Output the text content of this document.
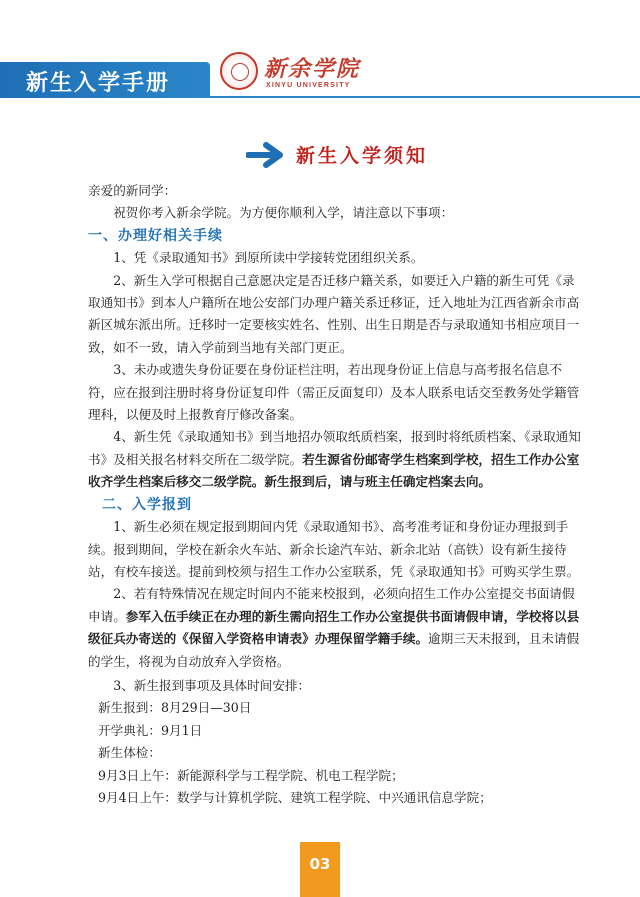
新生入学手册
新余学院
XINYU UNIVERSITY
新生入学须知

亲爱的新同学：

祝贺你考入新余学院。为方便你顺利入学，请注意以下事项：

一、办理好相关手续

1、凭《录取通知书》到原所读中学接转党团组织关系。

2、新生入学可根据自己意愿决定是否迁移户籍关系，如要迁入户籍的新生可凭《录取通知书》到本人户籍所在地公安部门办理户籍关系迁移证，迁入地址为江西省新余市高新区城东派出所。迁移时一定要核实姓名、性别、出生日期是否与录取通知书相应项目一致，如不一致，请入学前到当地有关部门更正。

3、未办或遗失身份证要在身份证栏注明，若出现身份证上信息与高考报名信息不符，应在报到注册时将身份证复印件（需正反面复印）及本人联系电话交至教务处学籍管理科，以便及时上报教育厅修改备案。

4、新生凭《录取通知书》到当地招办领取纸质档案，报到时将纸质档案、《录取通知书》及相关报名材料交所在二级学院。若生源省份邮寄学生档案到学校，招生工作办公室收齐学生档案后移交二级学院。新生报到后，请与班主任确定档案去向。

二、入学报到

1、新生必须在规定报到期间内凭《录取通知书》、高考准考证和身份证办理报到手续。报到期间，学校在新余火车站、新余长途汽车站、新余北站（高铁）设有新生接待站，有校车接送。提前到校须与招生工作办公室联系，凭《录取通知书》可购买学生票。

2、若有特殊情况在规定时间内不能来校报到，必须向招生工作办公室提交书面请假申请。参军入伍手续正在办理的新生需向招生工作办公室提供书面请假申请，学校将以县级征兵办寄送的《保留入学资格申请表》办理保留学籍手续。逾期三天未报到，且未请假的学生，将视为自动放弃入学资格。

3、新生报到事项及具体时间安排：

新生报到：8月29日—30日

开学典礼：9月1日

新生体检：

9月3日上午：新能源科学与工程学院、机电工程学院；

9月4日上午：数学与计算机学院、建筑工程学院、中兴通讯信息学院；

03
